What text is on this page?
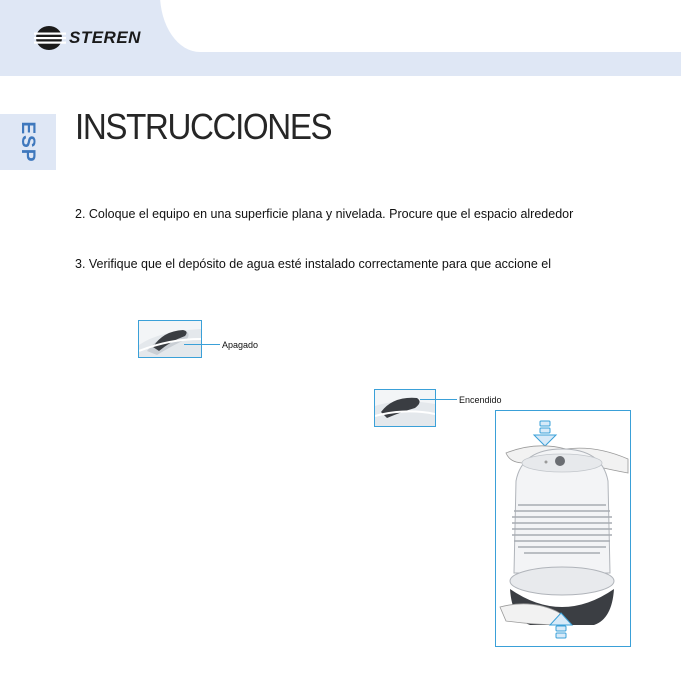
STEREN
ESP INSTRUCCIONES
2. Coloque el equipo en una superficie plana y nivelada. Procure que el espacio alrededor
3. Verifique que el depósito de agua esté instalado correctamente para que accione el
Apagado
Encendido
